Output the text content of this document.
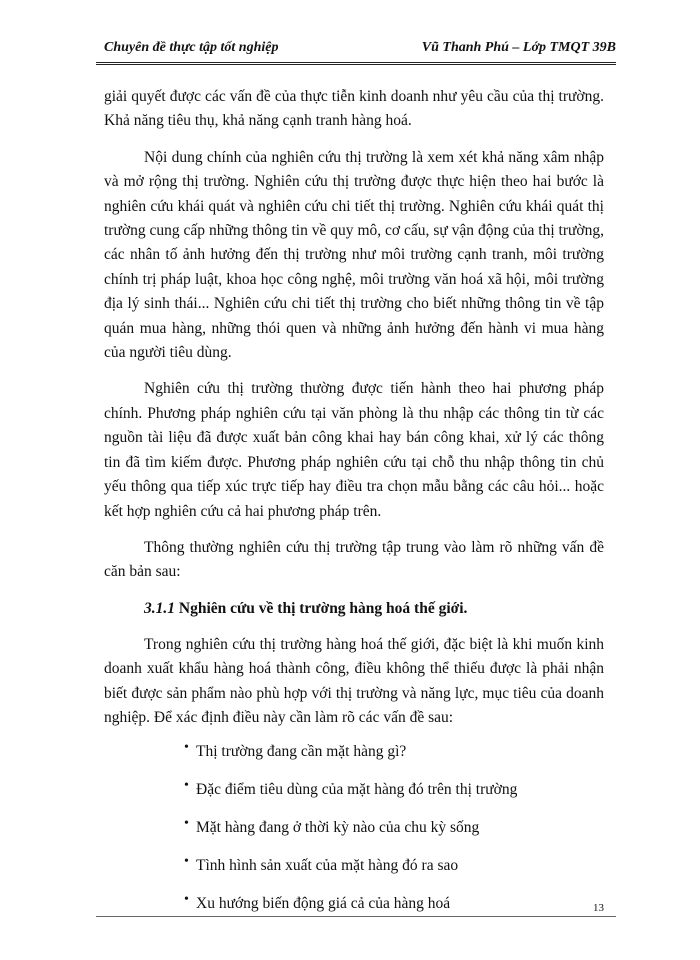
Chuyên đề thực tập tốt nghiệp	Vũ Thanh Phú – Lớp TMQT 39B

giải quyết được các vấn đề của thực tiễn kinh doanh như yêu cầu của thị trường. Khả năng tiêu thụ, khả năng cạnh tranh hàng hoá.

Nội dung chính của nghiên cứu thị trường là xem xét khả năng xâm nhập và mở rộng thị trường. Nghiên cứu thị trường được thực hiện theo hai bước là nghiên cứu khái quát và nghiên cứu chi tiết thị trường. Nghiên cứu khái quát thị trường cung cấp những thông tin về quy mô, cơ cấu, sự vận động của thị trường, các nhân tố ảnh hưởng đến thị trường như môi trường cạnh tranh, môi trường chính trị pháp luật, khoa học công nghệ, môi trường văn hoá xã hội, môi trường địa lý sinh thái... Nghiên cứu chi tiết thị trường cho biết những thông tin về tập quán mua hàng, những thói quen và những ảnh hưởng đến hành vi mua hàng của người tiêu dùng.

Nghiên cứu thị trường thường được tiến hành theo hai phương pháp chính. Phương pháp nghiên cứu tại văn phòng là thu nhập các thông tin từ các nguồn tài liệu đã được xuất bản công khai hay bán công khai, xử lý các thông tin đã tìm kiếm được. Phương pháp nghiên cứu tại chỗ thu nhập thông tin chủ yếu thông qua tiếp xúc trực tiếp hay điều tra chọn mẫu bằng các câu hỏi... hoặc kết hợp nghiên cứu cả hai phương pháp trên.

Thông thường nghiên cứu thị trường tập trung vào làm rõ những vấn đề căn bản sau:

3.1.1 Nghiên cứu về thị trường hàng hoá thế giới.

Trong nghiên cứu thị trường hàng hoá thế giới, đặc biệt là khi muốn kinh doanh xuất khẩu hàng hoá thành công, điều không thể thiếu được là phải nhận biết được sản phẩm nào phù hợp với thị trường và năng lực, mục tiêu của doanh nghiệp. Để xác định điều này cần làm rõ các vấn đề sau:

• Thị trường đang cần mặt hàng gì?
• Đặc điểm tiêu dùng của mặt hàng đó trên thị trường
• Mặt hàng đang ở thời kỳ nào của chu kỳ sống
• Tình hình sản xuất của mặt hàng đó ra sao
• Xu hướng biến động giá cả của hàng hoá	13
